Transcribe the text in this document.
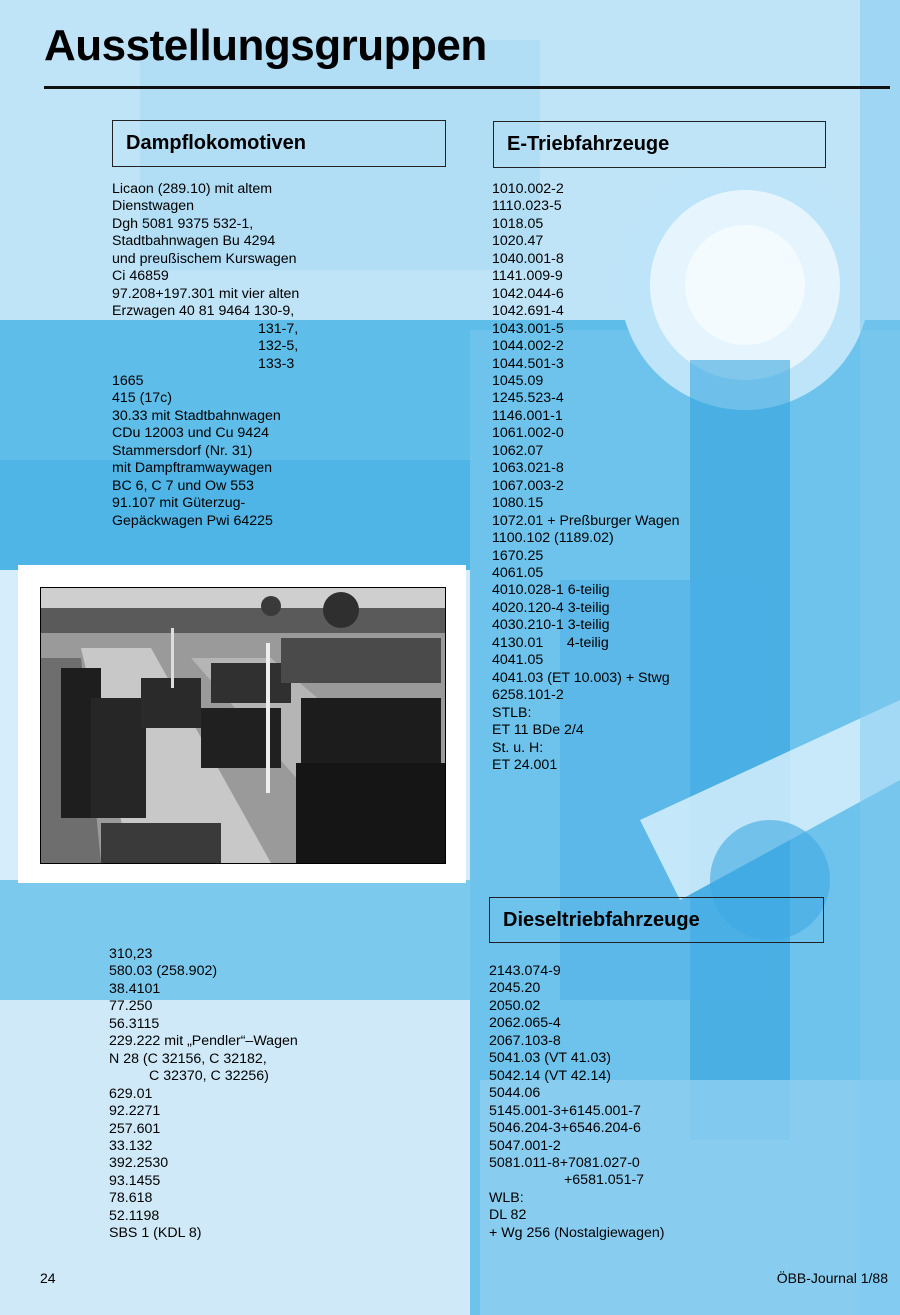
Ausstellungsgruppen
Dampflokomotiven
Licaon (289.10) mit altem
Dienstwagen
Dgh 5081 9375 532-1,
Stadtbahnwagen Bu 4294
und preußischem Kurswagen
Ci 46859
97.208+197.301 mit vier alten
Erzwagen 40 81 9464 130-9,
131-7,
132-5,
133-3
1665
415 (17c)
30.33 mit Stadtbahnwagen
CDu 12003 und Cu 9424
Stammersdorf (Nr. 31)
mit Dampftramwaywagen
BC 6, C 7 und Ow 553
91.107 mit Güterzug-
Gepäckwagen Pwi 64225
310,23
580.03 (258.902)
38.4101
77.250
56.3115
229.222 mit „Pendler“–Wagen
N 28 (C 32156, C 32182,
C 32370, C 32256)
629.01
92.2271
257.601
33.132
392.2530
93.1455
78.618
52.1198
SBS 1 (KDL 8)
E-Triebfahrzeuge
1010.002-2
1110.023-5
1018.05
1020.47
1040.001-8
1141.009-9
1042.044-6
1042.691-4
1043.001-5
1044.002-2
1044.501-3
1045.09
1245.523-4
1146.001-1
1061.002-0
1062.07
1063.021-8
1067.003-2
1080.15
1072.01 + Preßburger Wagen
1100.102 (1189.02)
1670.25
4061.05
4010.028-1 6-teilig
4020.120-4 3-teilig
4030.210-1 3-teilig
4130.01      4-teilig
4041.05
4041.03 (ET 10.003) + Stwg
6258.101-2
STLB:
ET 11 BDe 2/4
St. u. H:
ET 24.001
Dieseltriebfahrzeuge
2143.074-9
2045.20
2050.02
2062.065-4
2067.103-8
5041.03 (VT 41.03)
5042.14 (VT 42.14)
5044.06
5145.001-3+6145.001-7
5046.204-3+6546.204-6
5047.001-2
5081.011-8+7081.027-0
+6581.051-7
WLB:
DL 82
+ Wg 256 (Nostalgiewagen)
24	ÖBB-Journal 1/88
